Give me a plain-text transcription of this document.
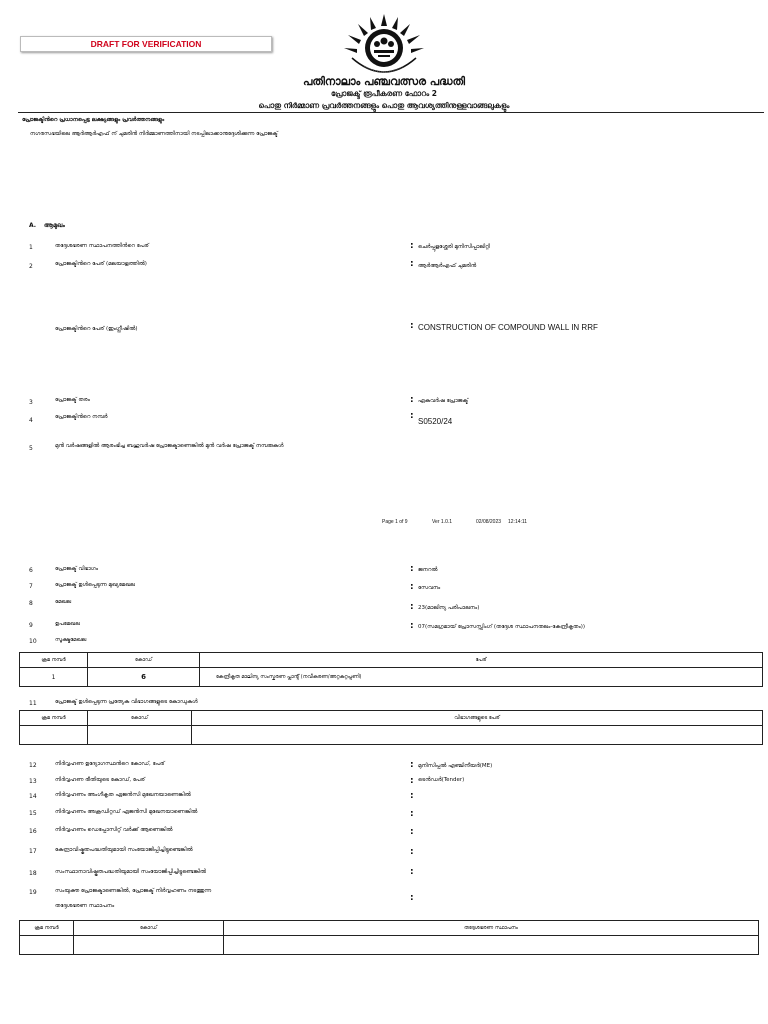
DRAFT FOR VERIFICATION
പതിനാലാം പഞ്ചവത്സര പദ്ധതി
പ്രോജക്ട് രൂപീകരണ ഫോറം 2
പൊതു നിർമ്മാണ പ്രവർത്തനങ്ങളും പൊതു ആവശ്യത്തിനുള്ളവാങ്ങലുകളും
പ്രോജക്ടിൻറെ പ്രധാനപ്പെട്ട ലക്ഷ്യങ്ങളും പ്രവർത്തനങ്ങളും
നഗരസഭയിലെ ആർആർഎഫ് ന് ചുമരിൻ നിർമ്മാണത്തിനായി നടപ്പിലാക്കാനുദ്ദേശിക്കുന്ന പ്രോജക്ട്
A. ആമുഖം
1	തദ്ദേശഭരണ സ്ഥാപനത്തിൻറെ പേര്	: ചെർപ്പുളശ്ശേരി മുനിസിപ്പാലിറ്റി
2	പ്രോജക്ടിൻറെ പേര് (മലയാളത്തിൽ)	: ആർആർഎഫ് ചുമരിൻ
പ്രോജക്ടിൻറെ പേര് (ഇംഗ്ലീഷിൽ)	: CONSTRUCTION OF COMPOUND WALL IN RRF
3	പ്രോജക്ട് തരം	: ഏകവർഷ പ്രോജക്ട്
4	പ്രോജക്ടിൻറെ നമ്പർ	:
S0520/24
5	മുൻ വർഷങ്ങളിൽ ആരംഭിച്ച ബഹുവർഷ പ്രോജക്ടാണെങ്കിൽ മുൻ വർഷ പ്രോജക്ട് നമ്പരുകൾ
Page 1 of 9	Ver 1.0.1	02/08/2023 12:14:11
6	പ്രോജക്ട് വിഭാഗം	: ജനറൽ
7	പ്രോജക്ട് ഉൾപ്പെടുന്ന മുഖ്യമേഖല	: സേവനം
8	മേഖല	: 23(മാലിന്യ പരിപാലനം)
9	ഉപമേഖല	: 07(സമഗ്രമായ് പ്രോസസ്സിംഗ് (തദ്ദേശ സ്ഥാപനതലം-കേന്ദ്രീകൃതം))
10	സൂക്ഷ്മമേഖല
ക്രമ നമ്പർ	കോഡ്	പേര്
1	6	കേന്ദ്രീകൃത മാലിന്യ സംസ്കരണ പ്ലാൻ്റ് (നവീകരണ/അറ്റകുറ്റപ്പണി)
11	പ്രോജക്ട് ഉൾപ്പെടുന്ന പ്രത്യേക വിഭാഗങ്ങളുടെ കോഡുകൾ
ക്രമ നമ്പർ	കോഡ്	വിഭാഗങ്ങളുടെ പേര്

12	നിർവ്വഹണ ഉദ്യോഗസ്ഥൻറെ കോഡ്, പേര്	: മുനിസിപ്പൽ എഞ്ചിനീയർ(ME)
13	നിർവ്വഹണ രീതിയുടെ കോഡ്, പേര്	: ടെൻഡർ(Tender)
14	നിർവ്വഹണം അംഗീകൃത ഏജൻസി മുഖേനയാണെങ്കിൽ	:
15	നിർവ്വഹണം അക്രഡിറ്റഡ് ഏജൻസി മുഖേനയാണെങ്കിൽ	:
16	നിർവ്വഹണം ഡെപ്പോസിറ്റ് വർക്ക് ആണെങ്കിൽ	:
17	കേന്ദ്രാവിഷ്കൃതപദ്ധതിയുമായി സംയോജിപ്പിച്ചിട്ടുണ്ടെങ്കിൽ	:
18	സംസ്ഥാനാവിഷ്കൃതപദ്ധതിയുമായി സംയോജിപ്പിച്ചിട്ടുണ്ടെങ്കിൽ	:
19	സംയുക്ത പ്രോജക്ടാണെങ്കിൽ, പ്രോജക്ട് നിർവ്വഹണം നടത്തുന്ന
തദ്ദേശഭരണ സ്ഥാപനം
:
ക്രമ നമ്പർ	കോഡ്	തദ്ദേശഭരണ സ്ഥാപനം
